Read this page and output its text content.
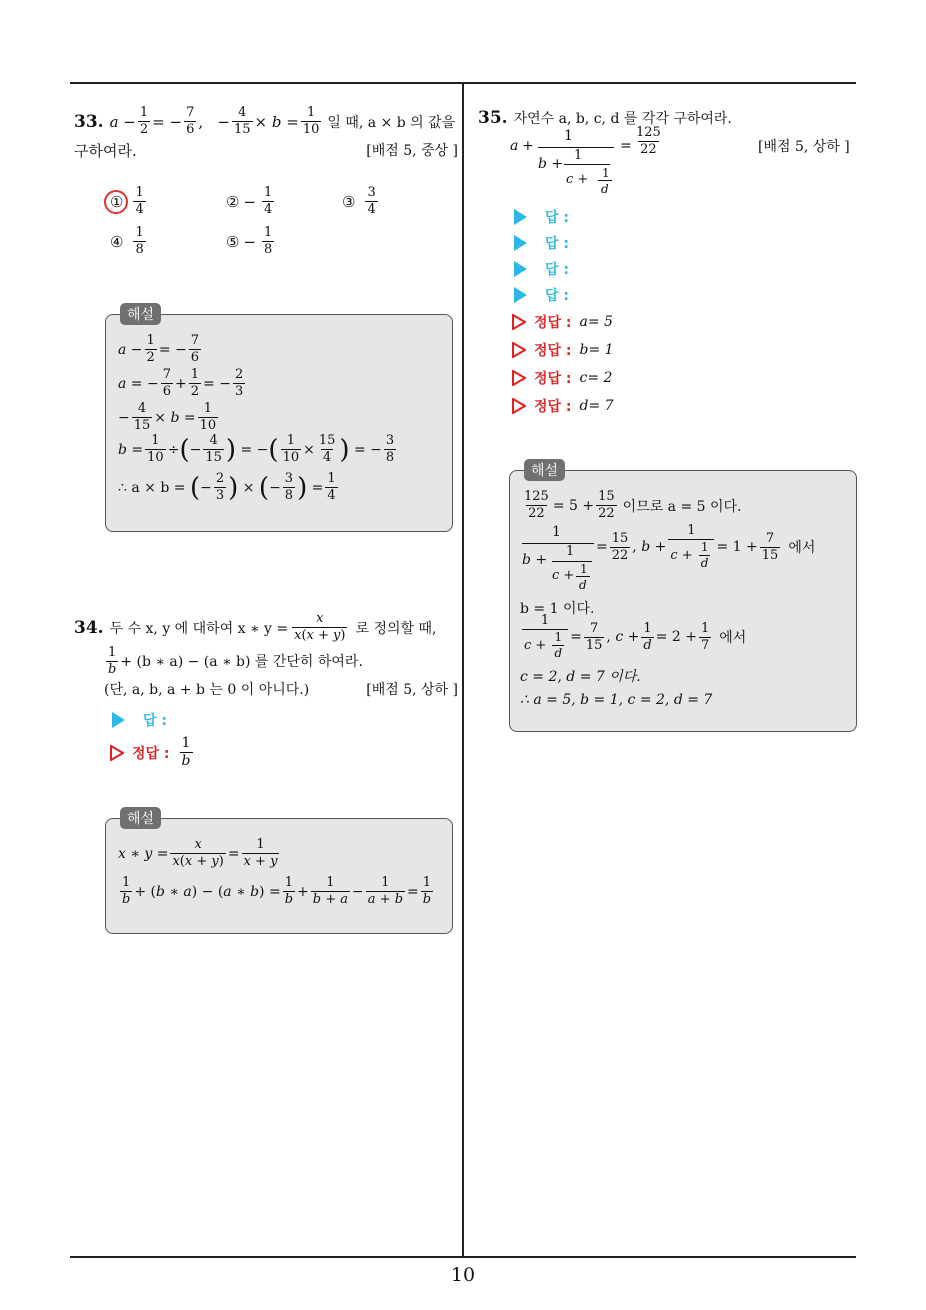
33. $a - \frac{1}{2}$ = − $\frac{7}{6}$ ,   − $\frac{4}{15} \times b = \frac{1}{10}$ 일 때, a × b 의 값을
구하여라.	[배점 5, 중상 ]
① $\frac{1}{4}$	② − $\frac{1}{4}$	③ $\frac{3}{4}$
④ $\frac{1}{8}$	⑤ − $\frac{1}{8}$
해설
$a - \frac{1}{2}$ = − $\frac{7}{6}$
a = − $\frac{7}{6} + \frac{1}{2}$ = − $\frac{2}{3}$
− $\frac{4}{15} \times b = \frac{1}{10}$
$b = \frac{1}{10}$ ÷ ( − $\frac{4}{15}$ ) = − ( $\frac{1}{10} \times \frac{15}{4}$ ) = − $\frac{3}{8}$
∴ a × b =
( − $\frac{2}{3}$ ) × ( − $\frac{3}{8}$ ) = $\frac{1}{4}$
34. 두 수 x, y 에 대하여 x ∗ $y = \frac{x}{x(x + y)}$ 로 정의할 때,
$\frac{1}{b} + (b$ ∗ a) − (a ∗ b) 를 간단히 하여라.
(단, a, b, a + b 는 0 이 아니다.)	[배점 5, 상하 ]
답 :
정답 : $\frac{1}{b}$
해설
x ∗ $y = \frac{x}{x(x + y)} = \frac{1}{x + y}$
$\frac{1}{b}$ + ( b ∗ a ) − ( a ∗ b ) = $\frac{1}{b} + \frac{1}{b + a} - \frac{1}{a + b} = \frac{1}{b}$
35. 자연수 a, b, c, d 를 각각 구하여라.
a +
1
b +
1
c + 1
d
= $\frac{125}{22}$	[배점 5, 상하 ]
답 :
답 :
답 :
답 :
정답 : a= 5
정답 : b= 1
정답 : c= 2
정답 : d= 7
해설
$\frac{125}{22} = 5 + \frac{15}{22}$ 이므로 a = 5 이다.
1
b +
1
c + 1
d
= $\frac{15}{22}$ , $b + \frac{1}{c + \frac{1}{d}} = 1 + \frac{7}{15}$ 에서
b = 1 이다.
$\frac{1}{c + \frac{1}{d}} = \frac{7}{15}$ , $c + \frac{1}{d} = 2 + \frac{1}{7}$ 에서
c = 2, d = 7 이다.
∴ a = 5, b = 1, c = 2, d = 7
10
